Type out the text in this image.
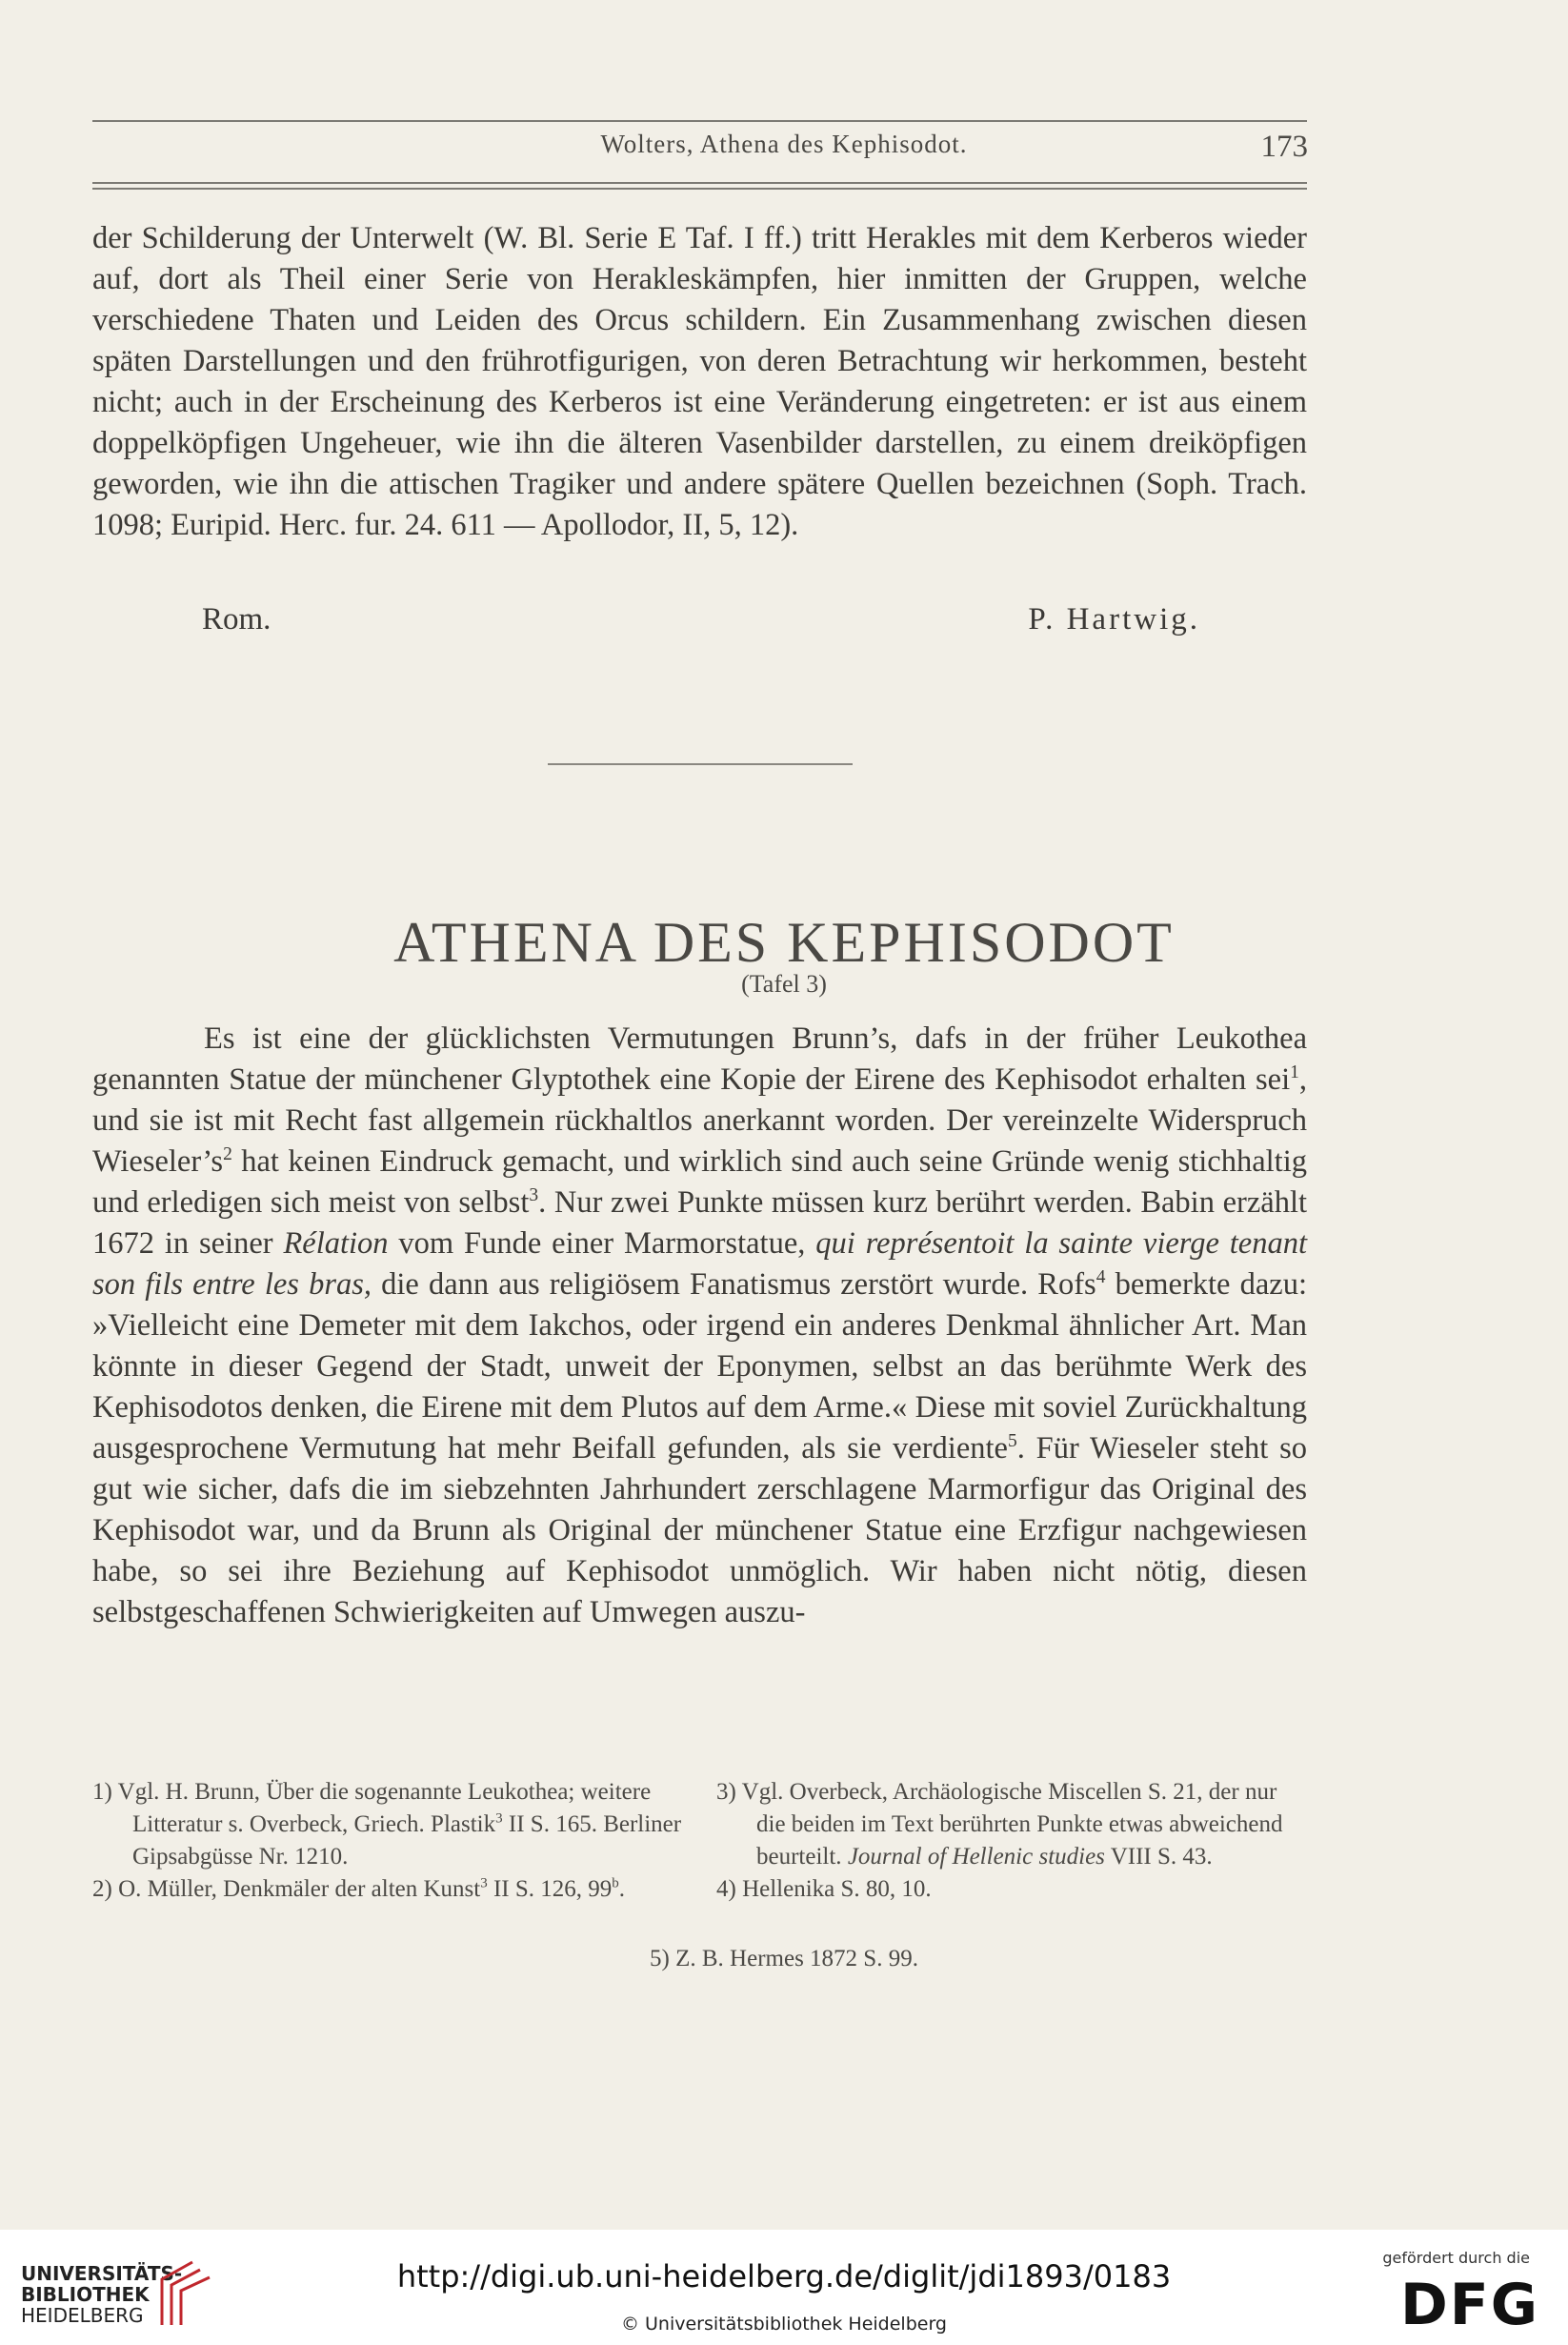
Wolters, Athena des Kephisodot.	173

der Schilderung der Unterwelt (W. Bl. Serie E Taf. I ff.) tritt Herakles mit dem Kerberos wieder auf, dort als Theil einer Serie von Herakleskämpfen, hier inmitten der Gruppen, welche verschiedene Thaten und Leiden des Orcus schildern. Ein Zusammenhang zwischen diesen späten Darstellungen und den frührotfigurigen, von deren Betrachtung wir herkommen, besteht nicht; auch in der Erscheinung des Kerberos ist eine Veränderung eingetreten: er ist aus einem doppelköpfigen Ungeheuer, wie ihn die älteren Vasenbilder darstellen, zu einem dreiköpfigen geworden, wie ihn die attischen Tragiker und andere spätere Quellen bezeichnen (Soph. Trach. 1098; Euripid. Herc. fur. 24. 611 — Apollodor, II, 5, 12).

Rom.	P. Hartwig.
ATHENA DES KEPHISODOT
(Tafel 3)

Es ist eine der glücklichsten Vermutungen Brunn’s, dafs in der früher Leukothea genannten Statue der münchener Glyptothek eine Kopie der Eirene des Kephisodot erhalten sei$^1$, und sie ist mit Recht fast allgemein rückhaltlos anerkannt worden. Der vereinzelte Widerspruch $Wieseler’s^2$ hat keinen Eindruck gemacht, und wirklich sind auch seine Gründe wenig stichhaltig und erledigen sich meist von selbst$^3$. Nur zwei Punkte müssen kurz berührt werden. Babin erzählt 1672 in seiner Rélation vom Funde einer Marmorstatue, qui représentoit la sainte vierge tenant son fils entre les bras, die dann aus religiösem Fanatismus zerstört wurde. Rofs$^4$ bemerkte dazu: »Vielleicht eine Demeter mit dem Iakchos, oder irgend ein anderes Denkmal ähnlicher Art. Man könnte in dieser Gegend der Stadt, unweit der Eponymen, selbst an das berühmte Werk des Kephisodotos denken, die Eirene mit dem Plutos auf dem Arme.« Diese mit soviel Zurückhaltung ausgesprochene Vermutung hat mehr Beifall gefunden, als sie verdiente$^5$. Für Wieseler steht so gut wie sicher, dafs die im siebzehnten Jahrhundert zerschlagene Marmorfigur das Original des Kephisodot war, und da Brunn als Original der münchener Statue eine Erzfigur nachgewiesen habe, so sei ihre Beziehung auf Kephisodot unmöglich. Wir haben nicht nötig, diesen selbstgeschaffenen Schwierigkeiten auf Umwegen auszu-

1) Vgl. H. Brunn, Über die sogenannte Leukothea; weitere Litteratur s. Overbeck, Griech. Plastik$^3$ II S. 165. Berliner Gipsabgüsse Nr. 1210.

2) O. Müller, Denkmäler der alten Kunst$^3$ II S. 126, 99$^b$.

3) Vgl. Overbeck, Archäologische Miscellen S. 21, der nur die beiden im Text berührten Punkte etwas abweichend beurteilt. Journal of Hellenic studies VIII S. 43.

4) Hellenika S. 80, 10.

5) Z. B. Hermes 1872 S. 99.
UNIVERSITÄTS-
BIBLIOTHEK
HEIDELBERG
http://digi.ub.uni-heidelberg.de/diglit/jdi1893/0183
© Universitätsbibliothek Heidelberg
gefördert durch die
DFG
